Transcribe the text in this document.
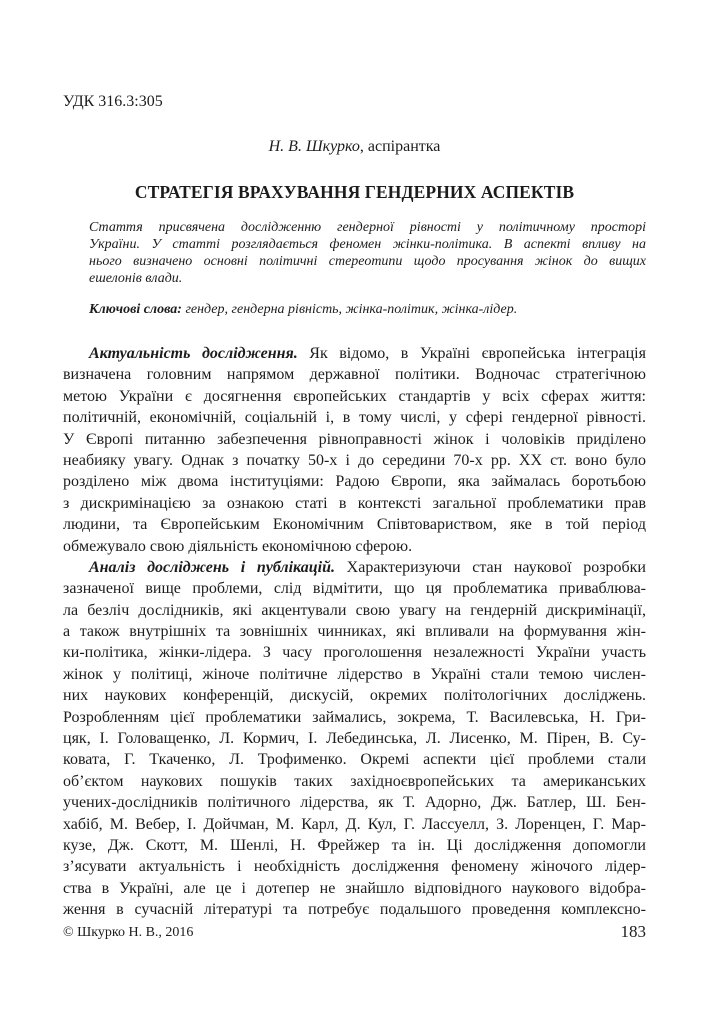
УДК 316.3:305
Н. В. Шкурко, аспірантка
СТРАТЕГІЯ ВРАХУВАННЯ ГЕНДЕРНИХ АСПЕКТІВ
Стаття присвячена дослідженню гендерної рівності у політичному просторі
України. У статті розглядається феномен жінки-політика. В аспекті впливу на
нього визначено основні політичні стереотипи щодо просування жінок до вищих
ешелонів влади.
Ключові слова: гендер, гендерна рівність, жінка-політик, жінка-лідер.
Актуальність дослідження. Як відомо, в Україні європейська інтеграція
визначена головним напрямом державної політики. Водночас стратегічною
метою України є досягнення європейських стандартів у всіх сферах життя:
політичній, економічній, соціальній і, в тому числі, у сфері гендерної рівності.
У Європі питанню забезпечення рівноправності жінок і чоловіків приділено
неабияку увагу. Однак з початку 50-х і до середини 70-х рр. XX ст. воно було
розділено між двома інституціями: Радою Європи, яка займалась боротьбою
з дискримінацією за ознакою статі в контексті загальної проблематики прав
людини, та Європейським Економічним Співтовариством, яке в той період
обмежувало свою діяльність економічною сферою.
Аналіз досліджень і публікацій. Характеризуючи стан наукової розробки
зазначеної вище проблеми, слід відмітити, що ця проблематика приваблюва-
ла безліч дослідників, які акцентували свою увагу на гендерній дискримінації,
а також внутрішніх та зовнішніх чинниках, які впливали на формування жін-
ки-політика, жінки-лідера. З часу проголошення незалежності України участь
жінок у політиці, жіноче політичне лідерство в Україні стали темою числен-
них наукових конференцій, дискусій, окремих політологічних досліджень.
Розробленням цієї проблематики займались, зокрема, Т. Василевська, Н. Гри-
цяк, І. Головащенко, Л. Кормич, І. Лебединська, Л. Лисенко, М. Пірен, В. Су-
ковата, Г. Ткаченко, Л. Трофименко. Окремі аспекти цієї проблеми стали
об’єктом наукових пошуків таких західноєвропейських та американських
учених-дослідників політичного лідерства, як Т. Адорно, Дж. Батлер, Ш. Бен-
хабіб, М. Вебер, І. Дойчман, М. Карл, Д. Кул, Г. Лассуелл, З. Лоренцен, Г. Мар-
кузе, Дж. Скотт, М. Шенлі, Н. Фрейжер та ін. Ці дослідження допомогли
з’ясувати актуальність і необхідність дослідження феномену жіночого лідер-
ства в Україні, але це і дотепер не знайшло відповідного наукового відобра-
ження в сучасній літературі та потребує подальшого проведення комплексно-
© Шкурко Н. В., 2016	183
